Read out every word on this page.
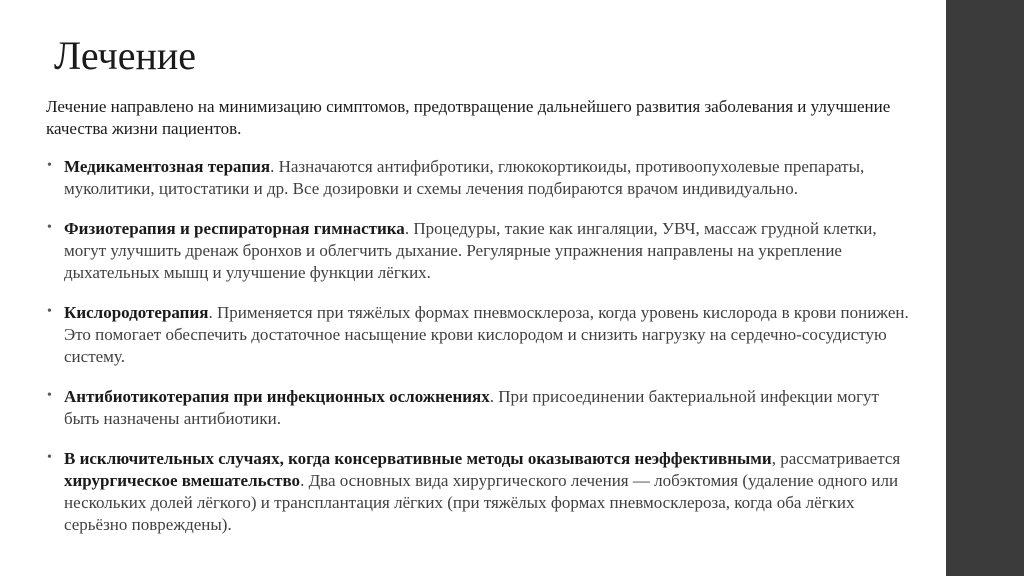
Лечение

Лечение направлено на минимизацию симптомов, предотвращение дальнейшего развития заболевания и улучшение качества жизни пациентов.

• Медикаментозная терапия. Назначаются антифибротики, глюкокортикоиды, противоопухолевые препараты, муколитики, цитостатики и др. Все дозировки и схемы лечения подбираются врачом индивидуально.
• Физиотерапия и респираторная гимнастика. Процедуры, такие как ингаляции, УВЧ, массаж грудной клетки, могут улучшить дренаж бронхов и облегчить дыхание. Регулярные упражнения направлены на укрепление дыхательных мышц и улучшение функции лёгких.
• Кислородотерапия. Применяется при тяжёлых формах пневмосклероза, когда уровень кислорода в крови понижен. Это помогает обеспечить достаточное насыщение крови кислородом и снизить нагрузку на сердечно-сосудистую систему.
• Антибиотикотерапия при инфекционных осложнениях. При присоединении бактериальной инфекции могут быть назначены антибиотики.
• В исключительных случаях, когда консервативные методы оказываются неэффективными, рассматривается хирургическое вмешательство. Два основных вида хирургического лечения — лобэктомия (удаление одного или нескольких долей лёгкого) и трансплантация лёгких (при тяжёлых формах пневмосклероза, когда оба лёгких серьёзно повреждены).
